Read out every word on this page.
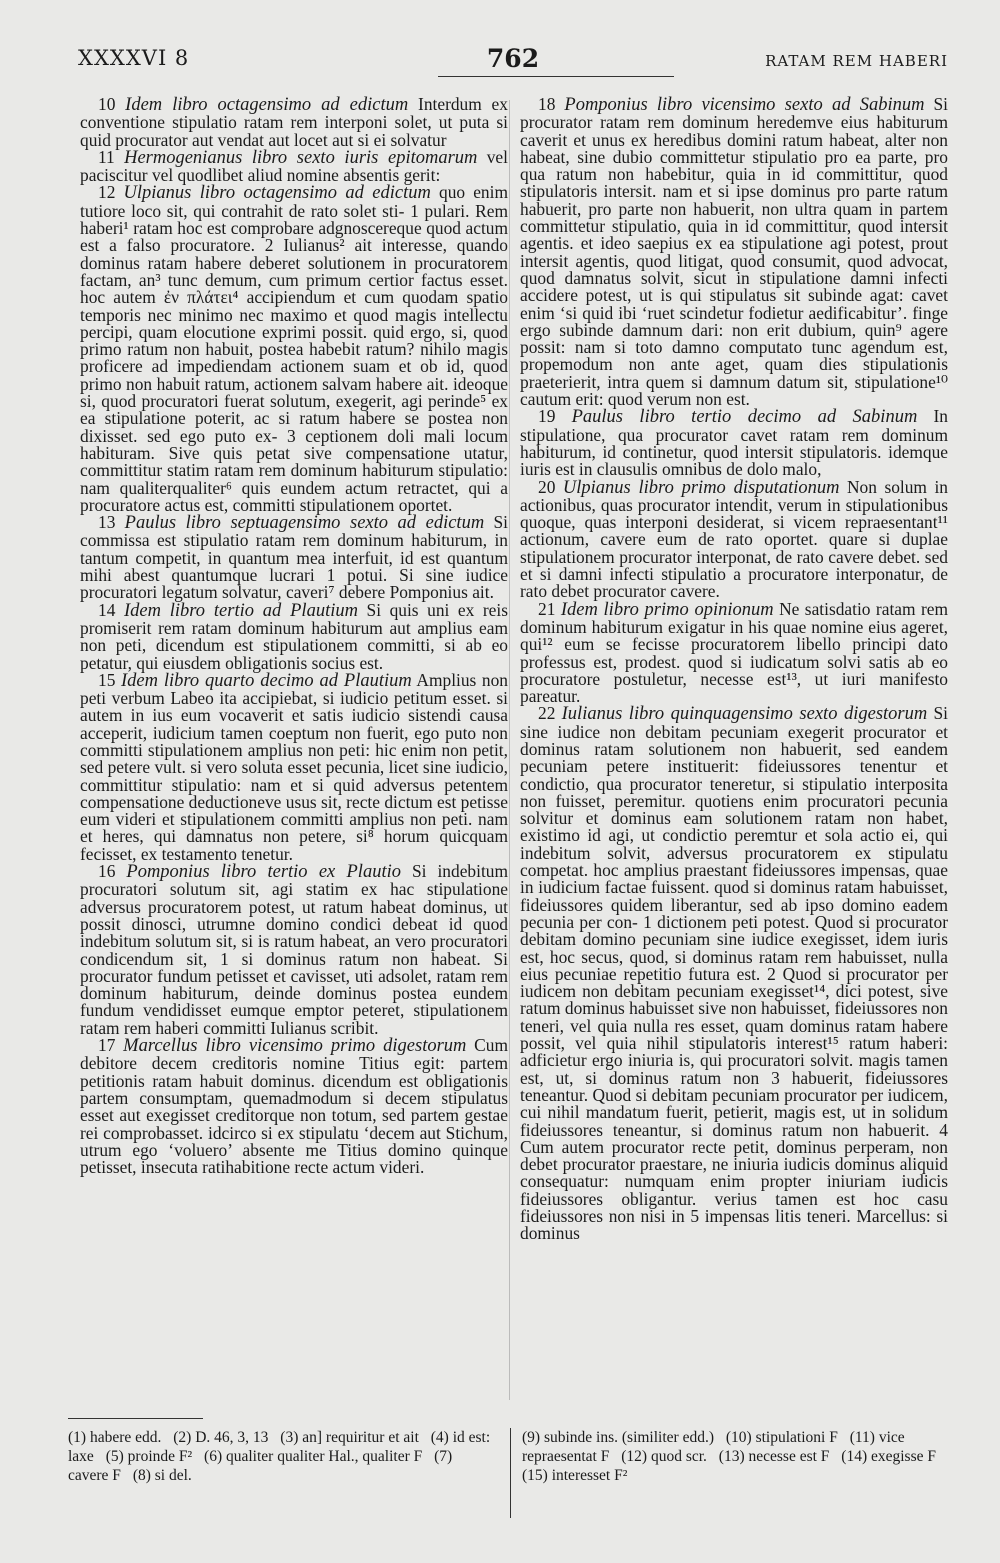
XXXXVI 8	762	RATAM REM HABERI

10 Idem libro octagensimo ad edictum Interdum ex conventione stipulatio ratam rem interponi solet, ut puta si quid procurator aut vendat aut locet aut si ei solvatur

11 Hermogenianus libro sexto iuris epitomarum vel paciscitur vel quodlibet aliud nomine absentis gerit:

12 Ulpianus libro octagensimo ad edictum quo enim tutiore loco sit, qui contrahit de rato solet sti- 1 pulari. Rem haberi¹ ratam hoc est comprobare adgnoscereque quod actum est a falso procuratore. 2 Iulianus² ait interesse, quando dominus ratam habere deberet solutionem in procuratorem factam, an³ tunc demum, cum primum certior factus esset. hoc autem ἐν πλάτει⁴ accipiendum et cum quodam spatio temporis nec minimo nec maximo et quod magis intellectu percipi, quam elocutione exprimi possit. quid ergo, si, quod primo ratum non habuit, postea habebit ratum? nihilo magis proficere ad impediendam actionem suam et ob id, quod primo non habuit ratum, actionem salvam habere ait. ideoque si, quod procuratori fuerat solutum, exegerit, agi perinde⁵ ex ea stipulatione poterit, ac si ratum habere se postea non dixisset. sed ego puto ex- 3 ceptionem doli mali locum habituram. Sive quis petat sive compensatione utatur, committitur statim ratam rem dominum habiturum stipulatio: nam qualiterqualiter⁶ quis eundem actum retractet, qui a procuratore actus est, committi stipulationem oportet.

13 Paulus libro septuagensimo sexto ad edictum Si commissa est stipulatio ratam rem dominum habiturum, in tantum competit, in quantum mea interfuit, id est quantum mihi abest quantumque lucrari 1 potui. Si sine iudice procuratori legatum solvatur, caveri⁷ debere Pomponius ait.

14 Idem libro tertio ad Plautium Si quis uni ex reis promiserit rem ratam dominum habiturum aut amplius eam non peti, dicendum est stipulationem committi, si ab eo petatur, qui eiusdem obligationis socius est.

15 Idem libro quarto decimo ad Plautium Amplius non peti verbum Labeo ita accipiebat, si iudicio petitum esset. si autem in ius eum vocaverit et satis iudicio sistendi causa acceperit, iudicium tamen coeptum non fuerit, ego puto non committi stipulationem amplius non peti: hic enim non petit, sed petere vult. si vero soluta esset pecunia, licet sine iudicio, committitur stipulatio: nam et si quid adversus petentem compensatione deductioneve usus sit, recte dictum est petisse eum videri et stipulationem committi amplius non peti. nam et heres, qui damnatus non petere, si⁸ horum quicquam fecisset, ex testamento tenetur.

16 Pomponius libro tertio ex Plautio Si indebitum procuratori solutum sit, agi statim ex hac stipulatione adversus procuratorem potest, ut ratum habeat dominus, ut possit dinosci, utrumne domino condici debeat id quod indebitum solutum sit, si is ratum habeat, an vero procuratori condicendum sit, 1 si dominus ratum non habeat. Si procurator fundum petisset et cavisset, uti adsolet, ratam rem dominum habiturum, deinde dominus postea eundem fundum vendidisset eumque emptor peteret, stipulationem ratam rem haberi committi Iulianus scribit.

17 Marcellus libro vicensimo primo digestorum Cum debitore decem creditoris nomine Titius egit: partem petitionis ratam habuit dominus. dicendum est obligationis partem consumptam, quemadmodum si decem stipulatus esset aut exegisset creditorque non totum, sed partem gestae rei comprobasset. idcirco si ex stipulatu ‘decem aut Stichum, utrum ego ‘voluero’ absente me Titius domino quinque petisset, insecuta ratihabitione recte actum videri.

18 Pomponius libro vicensimo sexto ad Sabinum Si procurator ratam rem dominum heredemve eius habiturum caverit et unus ex heredibus domini ratum habeat, alter non habeat, sine dubio committetur stipulatio pro ea parte, pro qua ratum non habebitur, quia in id committitur, quod stipulatoris intersit. nam et si ipse dominus pro parte ratum habuerit, pro parte non habuerit, non ultra quam in partem committetur stipulatio, quia in id committitur, quod intersit agentis. et ideo saepius ex ea stipulatione agi potest, prout intersit agentis, quod litigat, quod consumit, quod advocat, quod damnatus solvit, sicut in stipulatione damni infecti accidere potest, ut is qui stipulatus sit subinde agat: cavet enim ‘si quid ibi ‘ruet scindetur fodietur aedificabitur’. finge ergo subinde damnum dari: non erit dubium, quin⁹ agere possit: nam si toto damno computato tunc agendum est, propemodum non ante aget, quam dies stipulationis praeterierit, intra quem si damnum datum sit, stipulatione¹⁰ cautum erit: quod verum non est.

19 Paulus libro tertio decimo ad Sabinum In stipulatione, qua procurator cavet ratam rem dominum habiturum, id continetur, quod intersit stipulatoris. idemque iuris est in clausulis omnibus de dolo malo,

20 Ulpianus libro primo disputationum Non solum in actionibus, quas procurator intendit, verum in stipulationibus quoque, quas interponi desiderat, si vicem repraesentant¹¹ actionum, cavere eum de rato oportet. quare si duplae stipulationem procurator interponat, de rato cavere debet. sed et si damni infecti stipulatio a procuratore interponatur, de rato debet procurator cavere.

21 Idem libro primo opinionum Ne satisdatio ratam rem dominum habiturum exigatur in his quae nomine eius ageret, qui¹² eum se fecisse procuratorem libello principi dato professus est, prodest. quod si iudicatum solvi satis ab eo procuratore postuletur, necesse est¹³, ut iuri manifesto pareatur.

22 Iulianus libro quinquagensimo sexto digestorum Si sine iudice non debitam pecuniam exegerit procurator et dominus ratam solutionem non habuerit, sed eandem pecuniam petere instituerit: fideiussores tenentur et condictio, qua procurator teneretur, si stipulatio interposita non fuisset, peremitur. quotiens enim procuratori pecunia solvitur et dominus eam solutionem ratam non habet, existimo id agi, ut condictio peremtur et sola actio ei, qui indebitum solvit, adversus procuratorem ex stipulatu competat. hoc amplius praestant fideiussores impensas, quae in iudicium factae fuissent. quod si dominus ratam habuisset, fideiussores quidem liberantur, sed ab ipso domino eadem pecunia per con- 1 dictionem peti potest. Quod si procurator debitam domino pecuniam sine iudice exegisset, idem iuris est, hoc secus, quod, si dominus ratam rem habuisset, nulla eius pecuniae repetitio futura est. 2 Quod si procurator per iudicem non debitam pecuniam exegisset¹⁴, dici potest, sive ratum dominus habuisset sive non habuisset, fideiussores non teneri, vel quia nulla res esset, quam dominus ratam habere possit, vel quia nihil stipulatoris interest¹⁵ ratum haberi: adficietur ergo iniuria is, qui procuratori solvit. magis tamen est, ut, si dominus ratum non 3 habuerit, fideiussores teneantur. Quod si debitam pecuniam procurator per iudicem, cui nihil mandatum fuerit, petierit, magis est, ut in solidum fideiussores teneantur, si dominus ratum non habuerit. 4 Cum autem procurator recte petit, dominus perperam, non debet procurator praestare, ne iniuria iudicis dominus aliquid consequatur: numquam enim propter iniuriam iudicis fideiussores obligantur. verius tamen est hoc casu fideiussores non nisi in 5 impensas litis teneri. Marcellus: si dominus

(1) habere edd. (2) D. 46, 3, 13 (3) an] requiritur et ait (4) id est: laxe (5) proinde F² (6) qualiter qualiter Hal., qualiter F (7) cavere F (8) si del.
(9) subinde ins. (similiter edd.) (10) stipulationi F (11) vice repraesentat F (12) quod scr. (13) necesse est F (14) exegisse F (15) interesset F²
